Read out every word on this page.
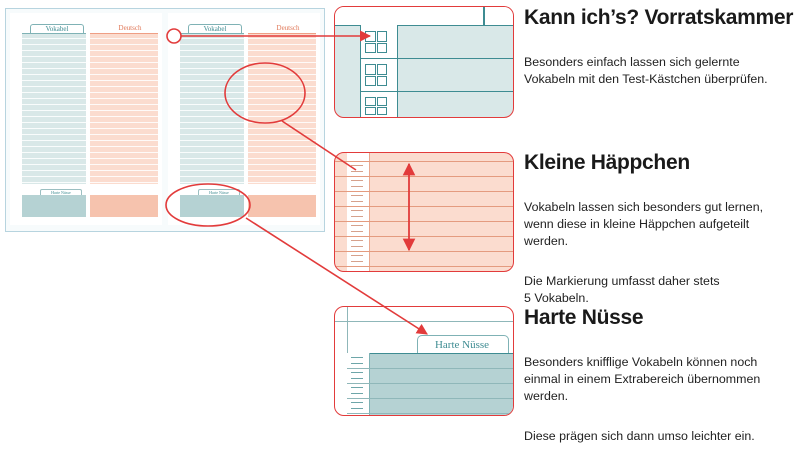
Vokabel	Deutsch
Harte Nüsse
Vokabel	Deutsch
Harte Nüsse
Harte Nüsse
Kann ich’s? Vorratskammer

Besonders einfach lassen sich gelernte
Vokabeln mit den Test-Kästchen überprüfen.

Kleine Häppchen

Vokabeln lassen sich besonders gut lernen,
wenn diese in kleine Häppchen aufgeteilt
werden.

Die Markierung umfasst daher stets
5 Vokabeln.

Harte Nüsse

Besonders knifflige Vokabeln können noch
einmal in einem Extrabereich übernommen
werden.

Diese prägen sich dann umso leichter ein.
